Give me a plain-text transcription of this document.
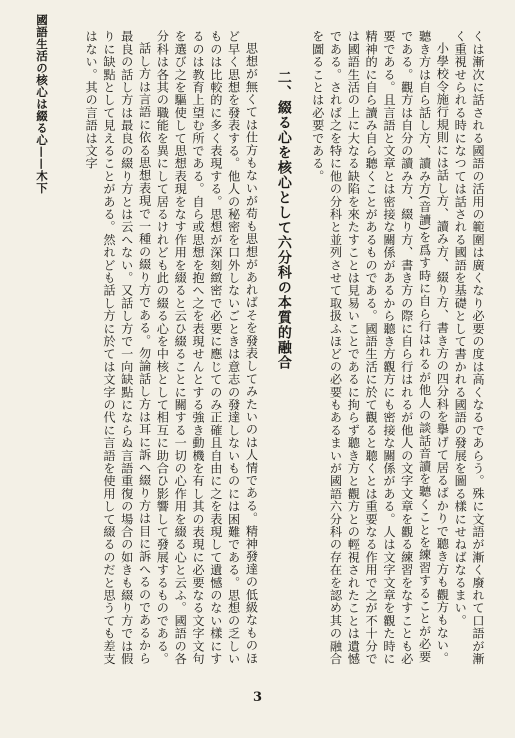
國語生活の核心は綴る心——木下	くは漸次に話される國語の活用の範圍は廣くなり必要の度は高くなるであらう。殊に文語が漸く廢れて口語が漸く重視せられる時になつては話される國語を基礎として書かれる國語の發展を圖る樣にせねばなるまい。

小學校令施行規則には話し方、讀み方、綴り方、書き方の四分科を擧げて居るばかりで聽き方も觀方もない。聽き方は自ら話し方、讀み方(音讀)を爲す時に自ら行はれるが他人の談話音讀を聽くことを練習することが必要である。觀方は自分の讀み方、綴り方、書き方の際に自ら行はれるが他人の文字文章を觀る練習をなすことも必要である。且言語と文章とは密接な關係があるから聽き方觀方にも密接な關係がある。人は文字文章を觀た時に精神的に自ら讀み自ら聽くことがあるものである。國語生活に於て觀ると聽くとは重要なる作用で之が不十分では國語生活の上に大なる缺陷を來たすことは見易いことであるに拘らず聽き方と觀方との輕視されたことは遺憾である。されば之を特に他の分科と並列させて取扱ふほどの必要もあるまいが國語六分科の存在を認め其の融合を圖ることは必要である。

二、綴る心を核心として六分科の本質的融合

思想が無くては仕方もないが苟も思想があればそを發表してみたいのは人情である。精神發達の低級なものほど早く思想を發表する。他人の秘密を口外しないごときは意志の發達しないものには困難である。思想の乏しいものは比較的に多く表現する。思想が深刻緻密で必要に應じてのみ正確且自由に之を表現して遺憾のない樣にするのは教育上望む所である。自ら或思想を抱へ之を表現せんとする強き動機を有し其の表現に必要なる文字文句を選び之を驅使して思想表現をなす作用を綴ると云ひ綴ることに關する一切の心作用を綴る心と云ふ。國語の各分科は各其の職能を異にして居るけれども此の綴る心を中核として相互に助合ひ影響して發展するものである。

話し方は言語に依る思想表現で一種の綴り方である。勿論話し方は耳に訴へ綴り方は目に訴へるのであるから最良の話し方は最良の綴り方とは云へない。又話し方で一向缺點にならぬ言語重復の場合の如きも綴り方では假りに缺點として見えることがある。然れども話し方に於ては文字の代に言語を使用して綴るのだと思うても差支はない。其の言語は文字

3
